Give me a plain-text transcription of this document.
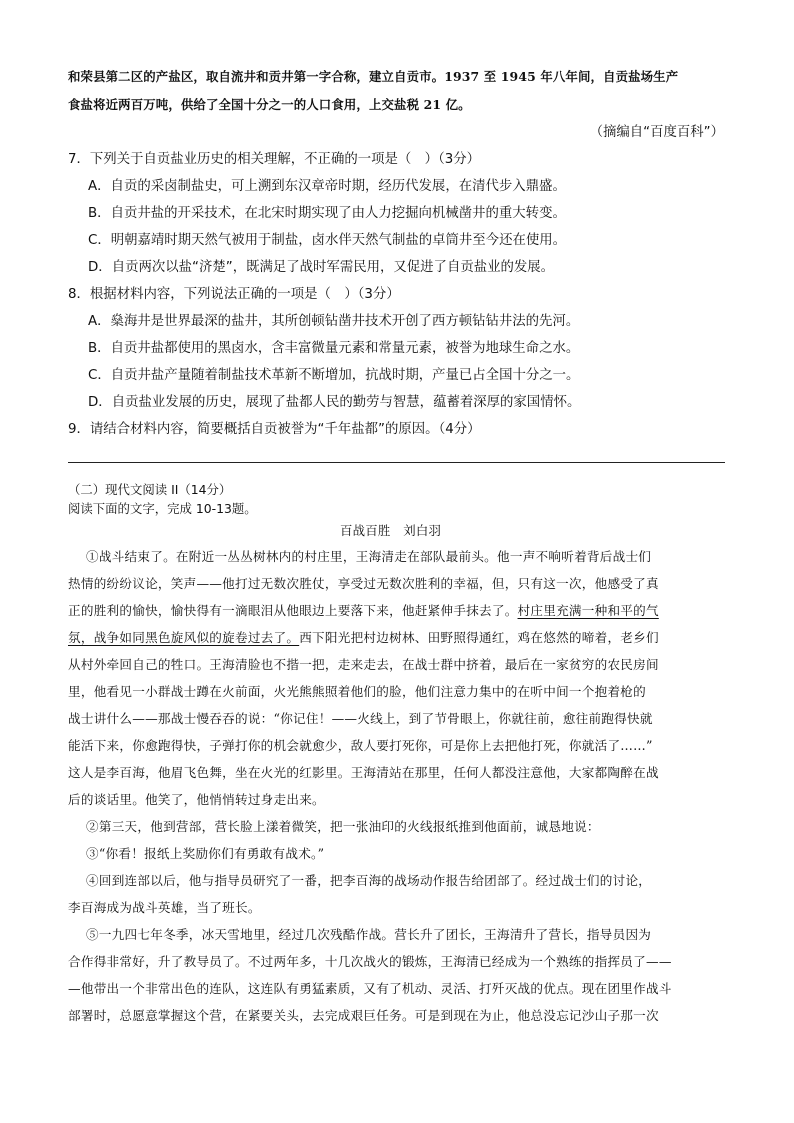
和荣县第二区的产盐区，取自流井和贡井第一字合称，建立自贡市。1937 至 1945 年八年间，自贡盐场生产
食盐将近两百万吨，供给了全国十分之一的人口食用，上交盐税 21 亿。
（摘编自“百度百科”）
7．下列关于自贡盐业历史的相关理解，不正确的一项是（　）（3分）
A．自贡的采卤制盐史，可上溯到东汉章帝时期，经历代发展，在清代步入鼎盛。
B．自贡井盐的开采技术，在北宋时期实现了由人力挖掘向机械凿井的重大转变。
C．明朝嘉靖时期天然气被用于制盐，卤水伴天然气制盐的卓筒井至今还在使用。
D．自贡两次以盐“济楚”，既满足了战时军需民用，又促进了自贡盐业的发展。
8．根据材料内容，下列说法正确的一项是（　）（3分）
A．燊海井是世界最深的盐井，其所创顿钻凿井技术开创了西方顿钻钻井法的先河。
B．自贡井盐都使用的黑卤水，含丰富微量元素和常量元素，被誉为地球生命之水。
C．自贡井盐产量随着制盐技术革新不断增加，抗战时期，产量已占全国十分之一。
D．自贡盐业发展的历史，展现了盐都人民的勤劳与智慧，蕴蓄着深厚的家国情怀。
9．请结合材料内容，简要概括自贡被誉为“千年盐都”的原因。（4分）
（二）现代文阅读 II（14分）
阅读下面的文字，完成 10-13题。
百战百胜　刘白羽
①战斗结束了。在附近一丛丛树林内的村庄里，王海清走在部队最前头。他一声不响听着背后战士们
热情的纷纷议论，笑声——他打过无数次胜仗，享受过无数次胜利的幸福，但，只有这一次，他感受了真
正的胜利的愉快，愉快得有一滴眼泪从他眼边上要落下来，他赶紧伸手抹去了。村庄里充满一种和平的气
氛，战争如同黑色旋风似的旋卷过去了。西下阳光把村边树林、田野照得通红，鸡在悠然的啼着，老乡们
从村外牵回自己的牲口。王海清脸也不揩一把，走来走去，在战士群中挤着，最后在一家贫穷的农民房间
里，他看见一小群战士蹲在火前面，火光熊熊照着他们的脸，他们注意力集中的在听中间一个抱着枪的
战士讲什么——那战士慢吞吞的说：“你记住！——火线上，到了节骨眼上，你就往前，愈往前跑得快就
能活下来，你愈跑得快，子弹打你的机会就愈少，敌人要打死你，可是你上去把他打死，你就活了……”
这人是李百海，他眉飞色舞，坐在火光的红影里。王海清站在那里，任何人都没注意他，大家都陶醉在战
后的谈话里。他笑了，他悄悄转过身走出来。
②第三天，他到营部，营长脸上漾着微笑，把一张油印的火线报纸推到他面前，诚恳地说：
③“你看！报纸上奖励你们有勇敢有战术。”
④回到连部以后，他与指导员研究了一番，把李百海的战场动作报告给团部了。经过战士们的讨论，
李百海成为战斗英雄，当了班长。
⑤一九四七年冬季，冰天雪地里，经过几次残酷作战。营长升了团长，王海清升了营长，指导员因为
合作得非常好，升了教导员了。不过两年多，十几次战火的锻炼，王海清已经成为一个熟练的指挥员了——
—他带出一个非常出色的连队，这连队有勇猛素质，又有了机动、灵活、打歼灭战的优点。现在团里作战斗
部署时，总愿意掌握这个营，在紧要关头，去完成艰巨任务。可是到现在为止，他总没忘记沙山子那一次
